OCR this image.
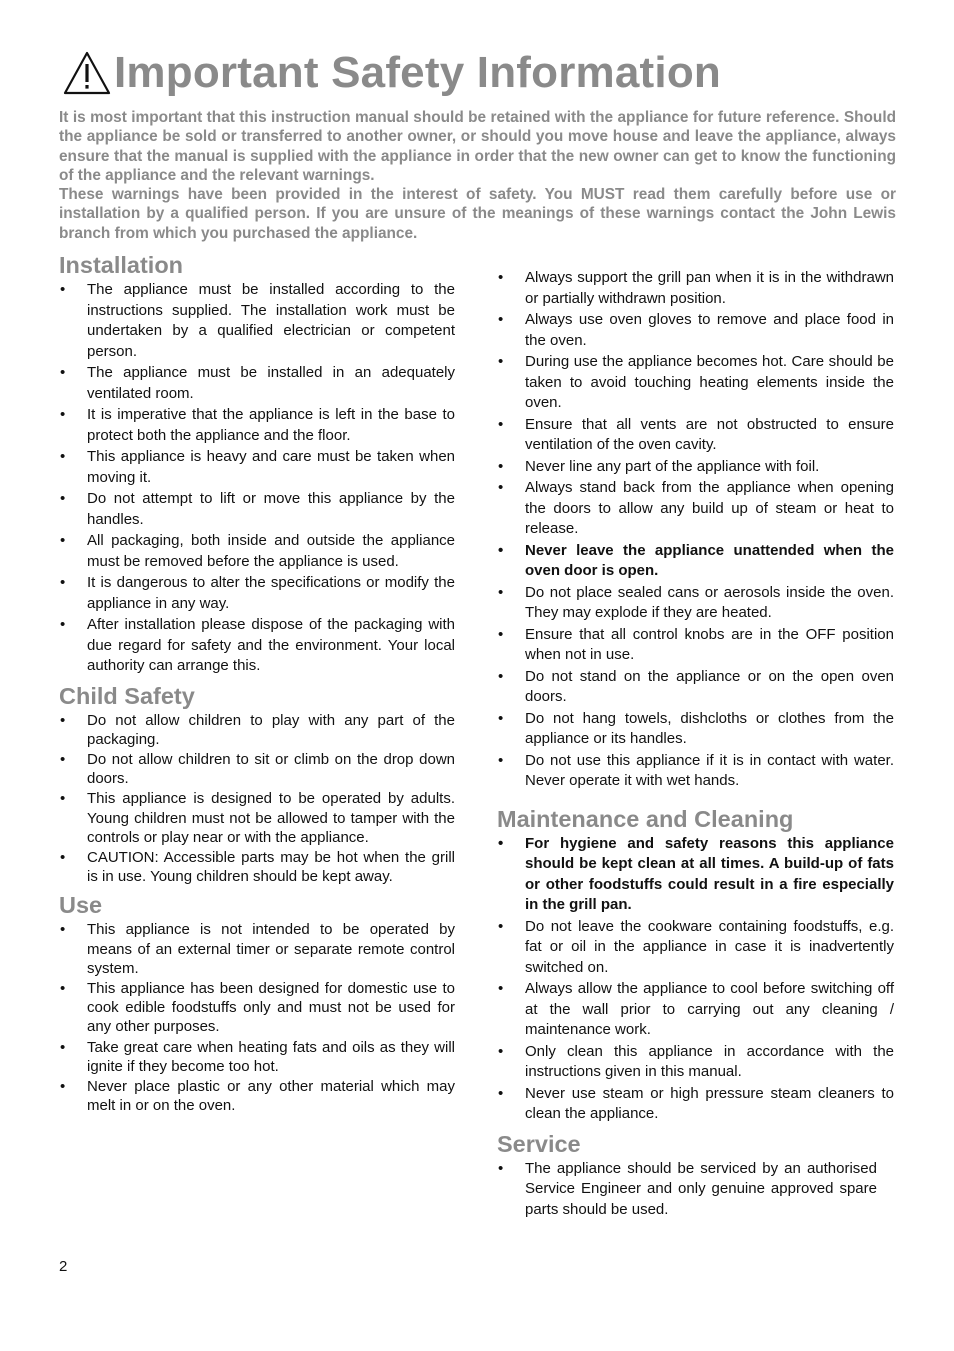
Important Safety Information

It is most important that this instruction manual should be retained with the appliance for future reference. Should the appliance be sold or transferred to another owner, or should you move house and leave the appliance, always ensure that the manual is supplied with the appliance in order that the new owner can get to know the functioning of the appliance and the relevant warnings.

These warnings have been provided in the interest of safety. You MUST read them carefully before use or installation by a qualified person. If you are unsure of the meanings of these warnings contact the John Lewis branch from which you purchased the appliance.

Installation
• The appliance must be installed according to the instructions supplied. The installation work must be undertaken by a qualified electrician or competent person.
• The appliance must be installed in an adequately ventilated room.
• It is imperative that the appliance is left in the base to protect both the appliance and the floor.
• This appliance is heavy and care must be taken when moving it.
• Do not attempt to lift or move this appliance by the handles.
• All packaging, both inside and outside the appliance must be removed before the appliance is used.
• It is dangerous to alter the specifications or modify the appliance in any way.
• After installation please dispose of the packaging with due regard for safety and the environment. Your local authority can arrange this.
Child Safety
• Do not allow children to play with any part of the packaging.
• Do not allow children to sit or climb on the drop down doors.
• This appliance is designed to be operated by adults. Young children must not be allowed to tamper with the controls or play near or with the appliance.
• CAUTION: Accessible parts may be hot when the grill is in use. Young children should be kept away.
Use
• This appliance is not intended to be operated by means of an external timer or separate remote control system.
• This appliance has been designed for domestic use to cook edible foodstuffs only and must not be used for any other purposes.
• Take great care when heating fats and oils as they will ignite if they become too hot.
• Never place plastic or any other material which may melt in or on the oven.
• Always support the grill pan when it is in the withdrawn or partially withdrawn position.
• Always use oven gloves to remove and place food in the oven.
• During use the appliance becomes hot. Care should be taken to avoid touching heating elements inside the oven.
• Ensure that all vents are not obstructed to ensure ventilation of the oven cavity.
• Never line any part of the appliance with foil.
• Always stand back from the appliance when opening the doors to allow any build up of steam or heat to release.
• Never leave the appliance unattended when the oven door is open.
• Do not place sealed cans or aerosols inside the oven. They may explode if they are heated.
• Ensure that all control knobs are in the OFF position when not in use.
• Do not stand on the appliance or on the open oven doors.
• Do not hang towels, dishcloths or clothes from the appliance or its handles.
• Do not use this appliance if it is in contact with water. Never operate it with wet hands.
Maintenance and Cleaning
• For hygiene and safety reasons this appliance should be kept clean at all times. A build-up of fats or other foodstuffs could result in a fire especially in the grill pan.
• Do not leave the cookware containing foodstuffs, e.g. fat or oil in the appliance in case it is inadvertently switched on.
• Always allow the appliance to cool before switching off at the wall prior to carrying out any cleaning / maintenance work.
• Only clean this appliance in accordance with the instructions given in this manual.
• Never use steam or high pressure steam cleaners to clean the appliance.
Service
• The appliance should be serviced by an authorised Service Engineer and only genuine approved spare parts should be used.
2
